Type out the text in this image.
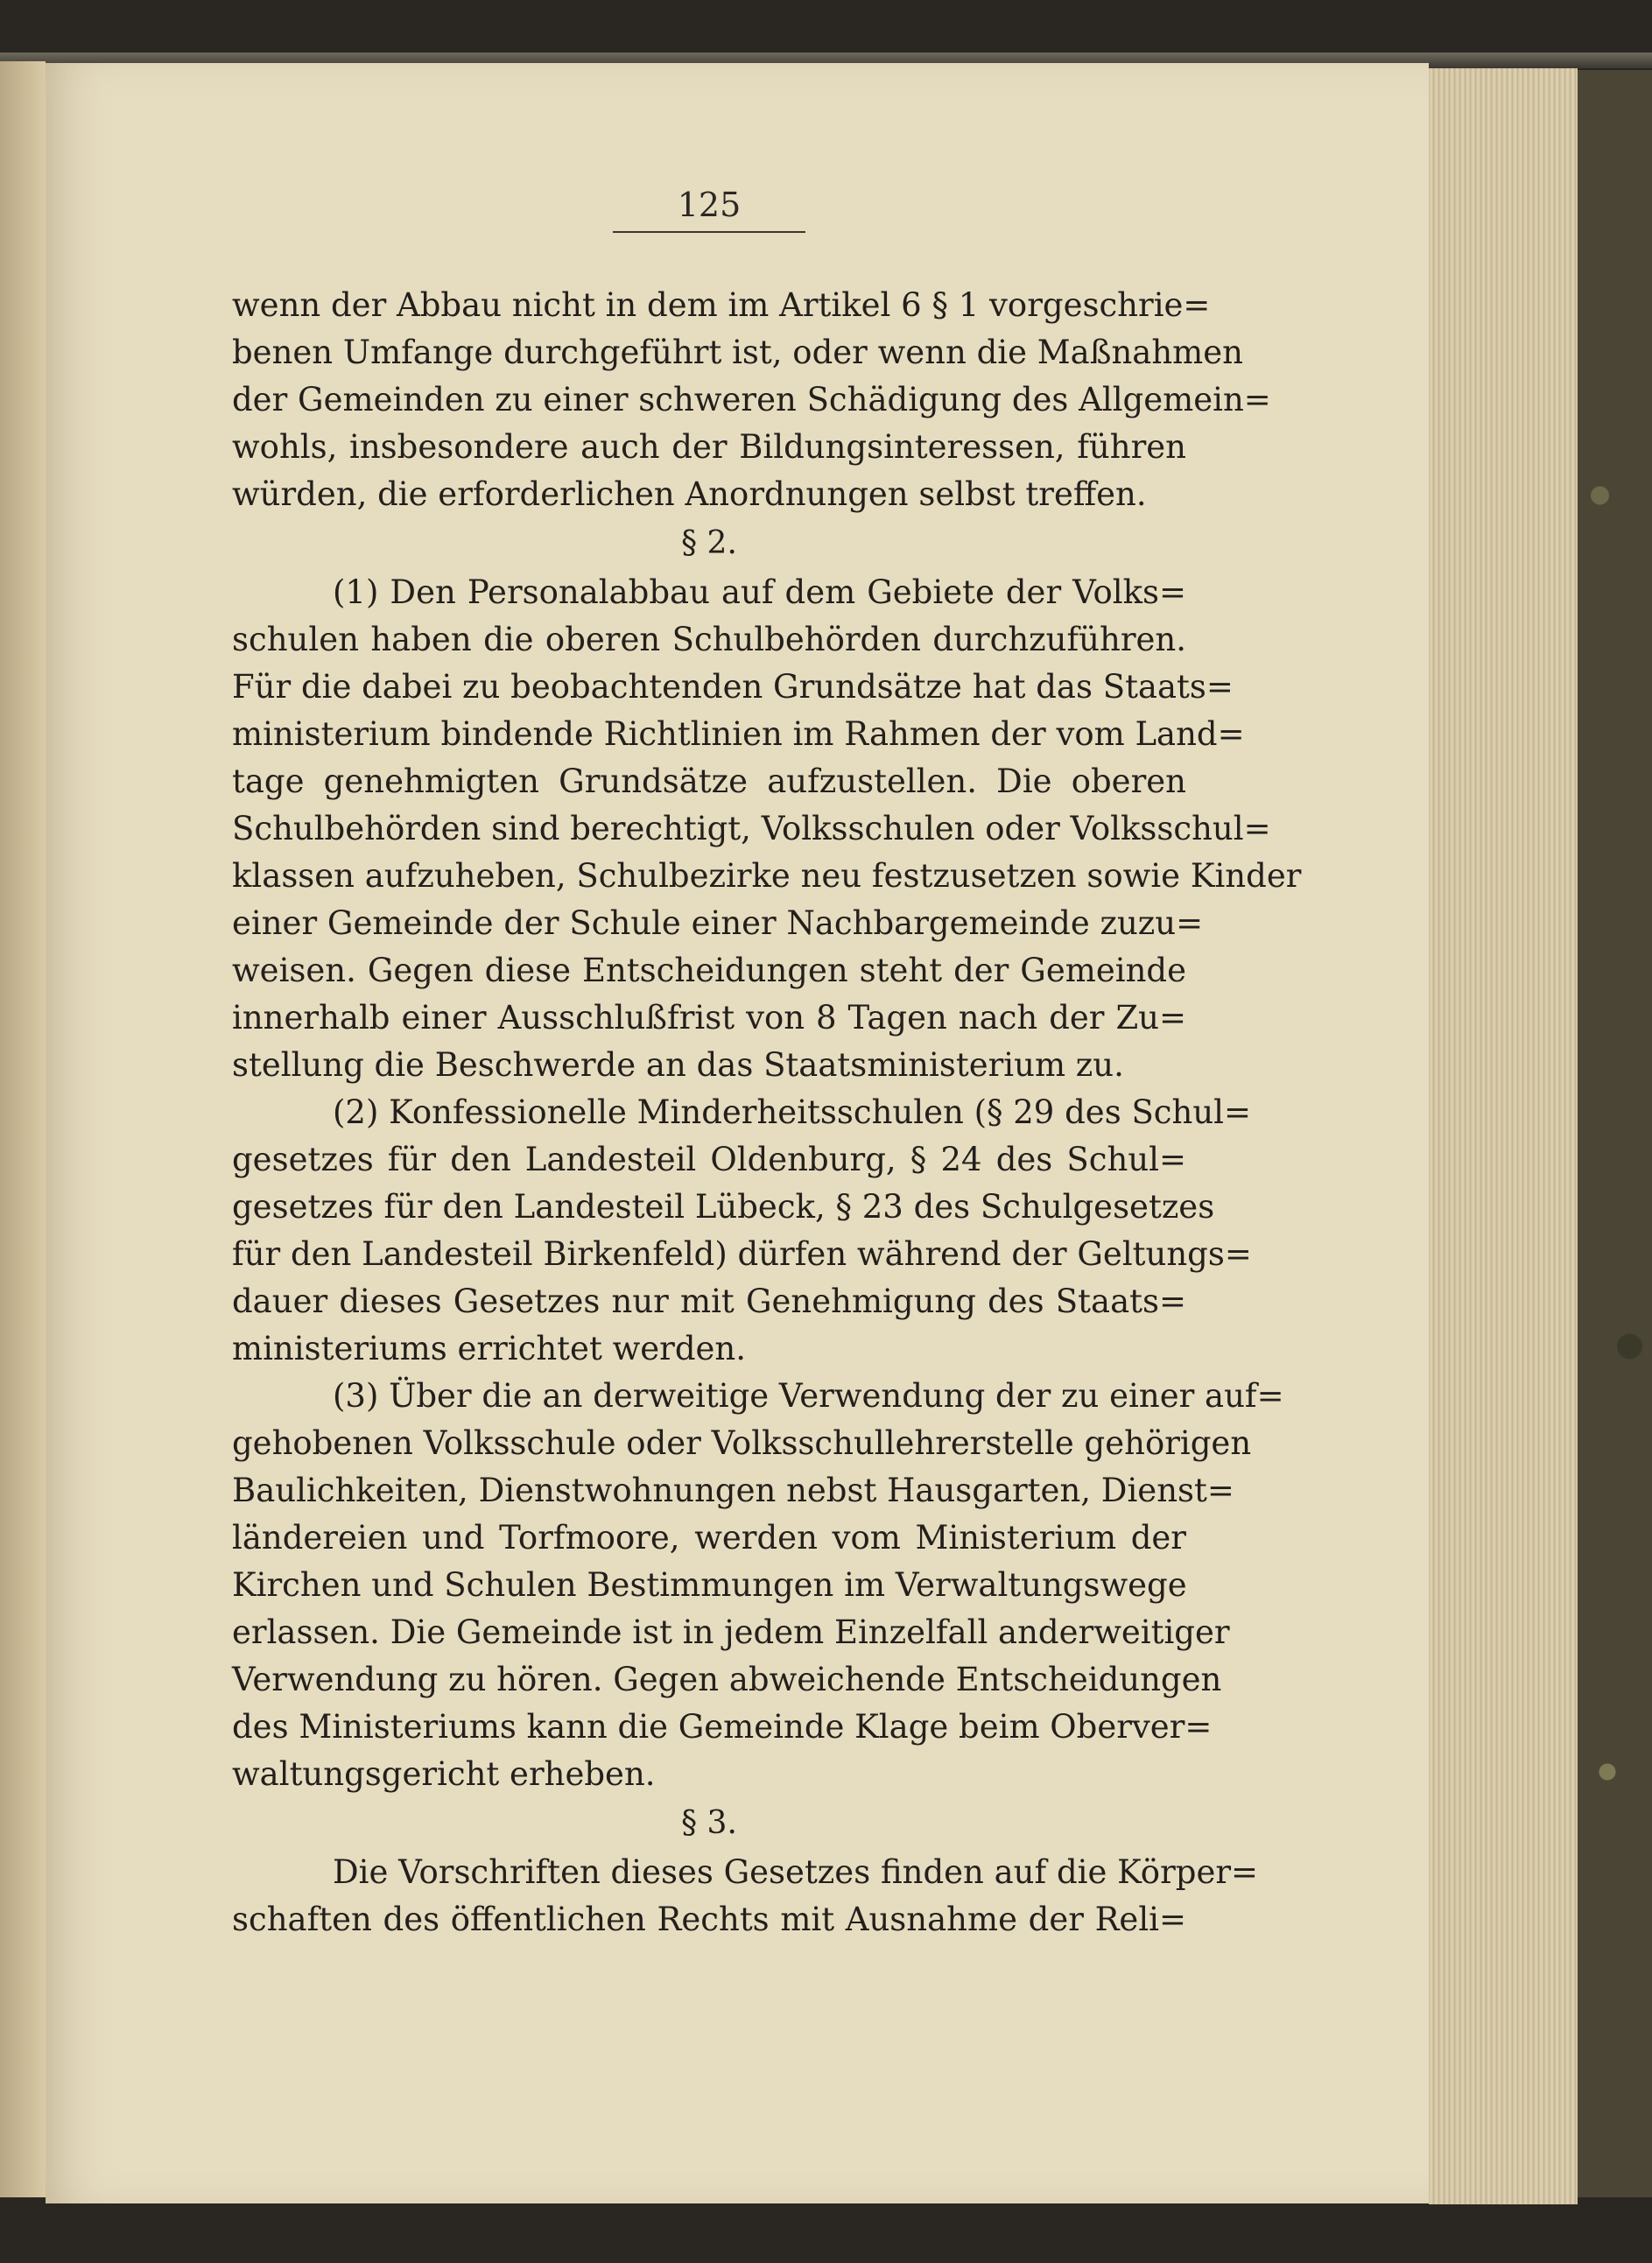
125
wenn der Abbau nicht in dem im Artikel 6 § 1 vorgeschrie=
benen Umfange durchgeführt ist, oder wenn die Maßnahmen
der Gemeinden zu einer schweren Schädigung des Allgemein=
wohls, insbesondere auch der Bildungsinteressen, führen
würden, die erforderlichen Anordnungen selbst treffen.
§ 2.
(1) Den Personalabbau auf dem Gebiete der Volks=
schulen haben die oberen Schulbehörden durchzuführen.
Für die dabei zu beobachtenden Grundsätze hat das Staats=
ministerium bindende Richtlinien im Rahmen der vom Land=
tage genehmigten Grundsätze aufzustellen. Die oberen
Schulbehörden sind berechtigt, Volksschulen oder Volksschul=
klassen aufzuheben, Schulbezirke neu festzusetzen sowie Kinder
einer Gemeinde der Schule einer Nachbargemeinde zuzu=
weisen. Gegen diese Entscheidungen steht der Gemeinde
innerhalb einer Ausschlußfrist von 8 Tagen nach der Zu=
stellung die Beschwerde an das Staatsministerium zu.
(2) Konfessionelle Minderheitsschulen (§ 29 des Schul=
gesetzes für den Landesteil Oldenburg, § 24 des Schul=
gesetzes für den Landesteil Lübeck, § 23 des Schulgesetzes
für den Landesteil Birkenfeld) dürfen während der Geltungs=
dauer dieses Gesetzes nur mit Genehmigung des Staats=
ministeriums errichtet werden.
(3) Über die an derweitige Verwendung der zu einer auf=
gehobenen Volksschule oder Volksschullehrerstelle gehörigen
Baulichkeiten, Dienstwohnungen nebst Hausgarten, Dienst=
ländereien und Torfmoore, werden vom Ministerium der
Kirchen und Schulen Bestimmungen im Verwaltungswege
erlassen. Die Gemeinde ist in jedem Einzelfall anderweitiger
Verwendung zu hören. Gegen abweichende Entscheidungen
des Ministeriums kann die Gemeinde Klage beim Oberver=
waltungsgericht erheben.
§ 3.
Die Vorschriften dieses Gesetzes finden auf die Körper=
schaften des öffentlichen Rechts mit Ausnahme der Reli=
